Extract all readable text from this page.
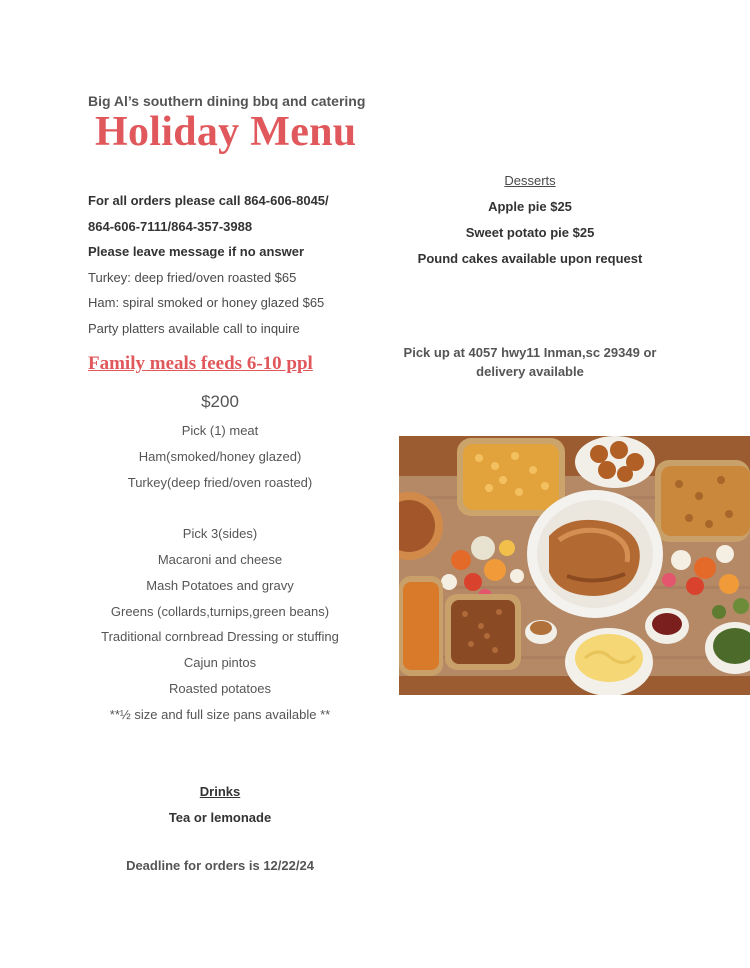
Big Al’s southern dining bbq and catering
Holiday Menu
For all orders please call 864-606-8045/
864-606-7111/864-357-3988
Please leave message if no answer
Turkey: deep fried/oven roasted $65
Ham: spiral smoked or honey glazed $65
Party platters available call to inquire
Family meals feeds 6-10 ppl
$200
Pick (1) meat
Ham(smoked/honey glazed)
Turkey(deep fried/oven roasted)
Pick 3(sides)
Macaroni and cheese
Mash Potatoes and gravy
Greens (collards,turnips,green beans)
Traditional cornbread Dressing or stuffing
Cajun pintos
Roasted potatoes
**½ size and full size pans available **
Desserts
Apple pie $25
Sweet potato pie $25
Pound cakes available upon request
Pick up at 4057 hwy11 Inman,sc 29349 or
delivery available
Drinks
Tea or lemonade
Deadline for orders is 12/22/24
